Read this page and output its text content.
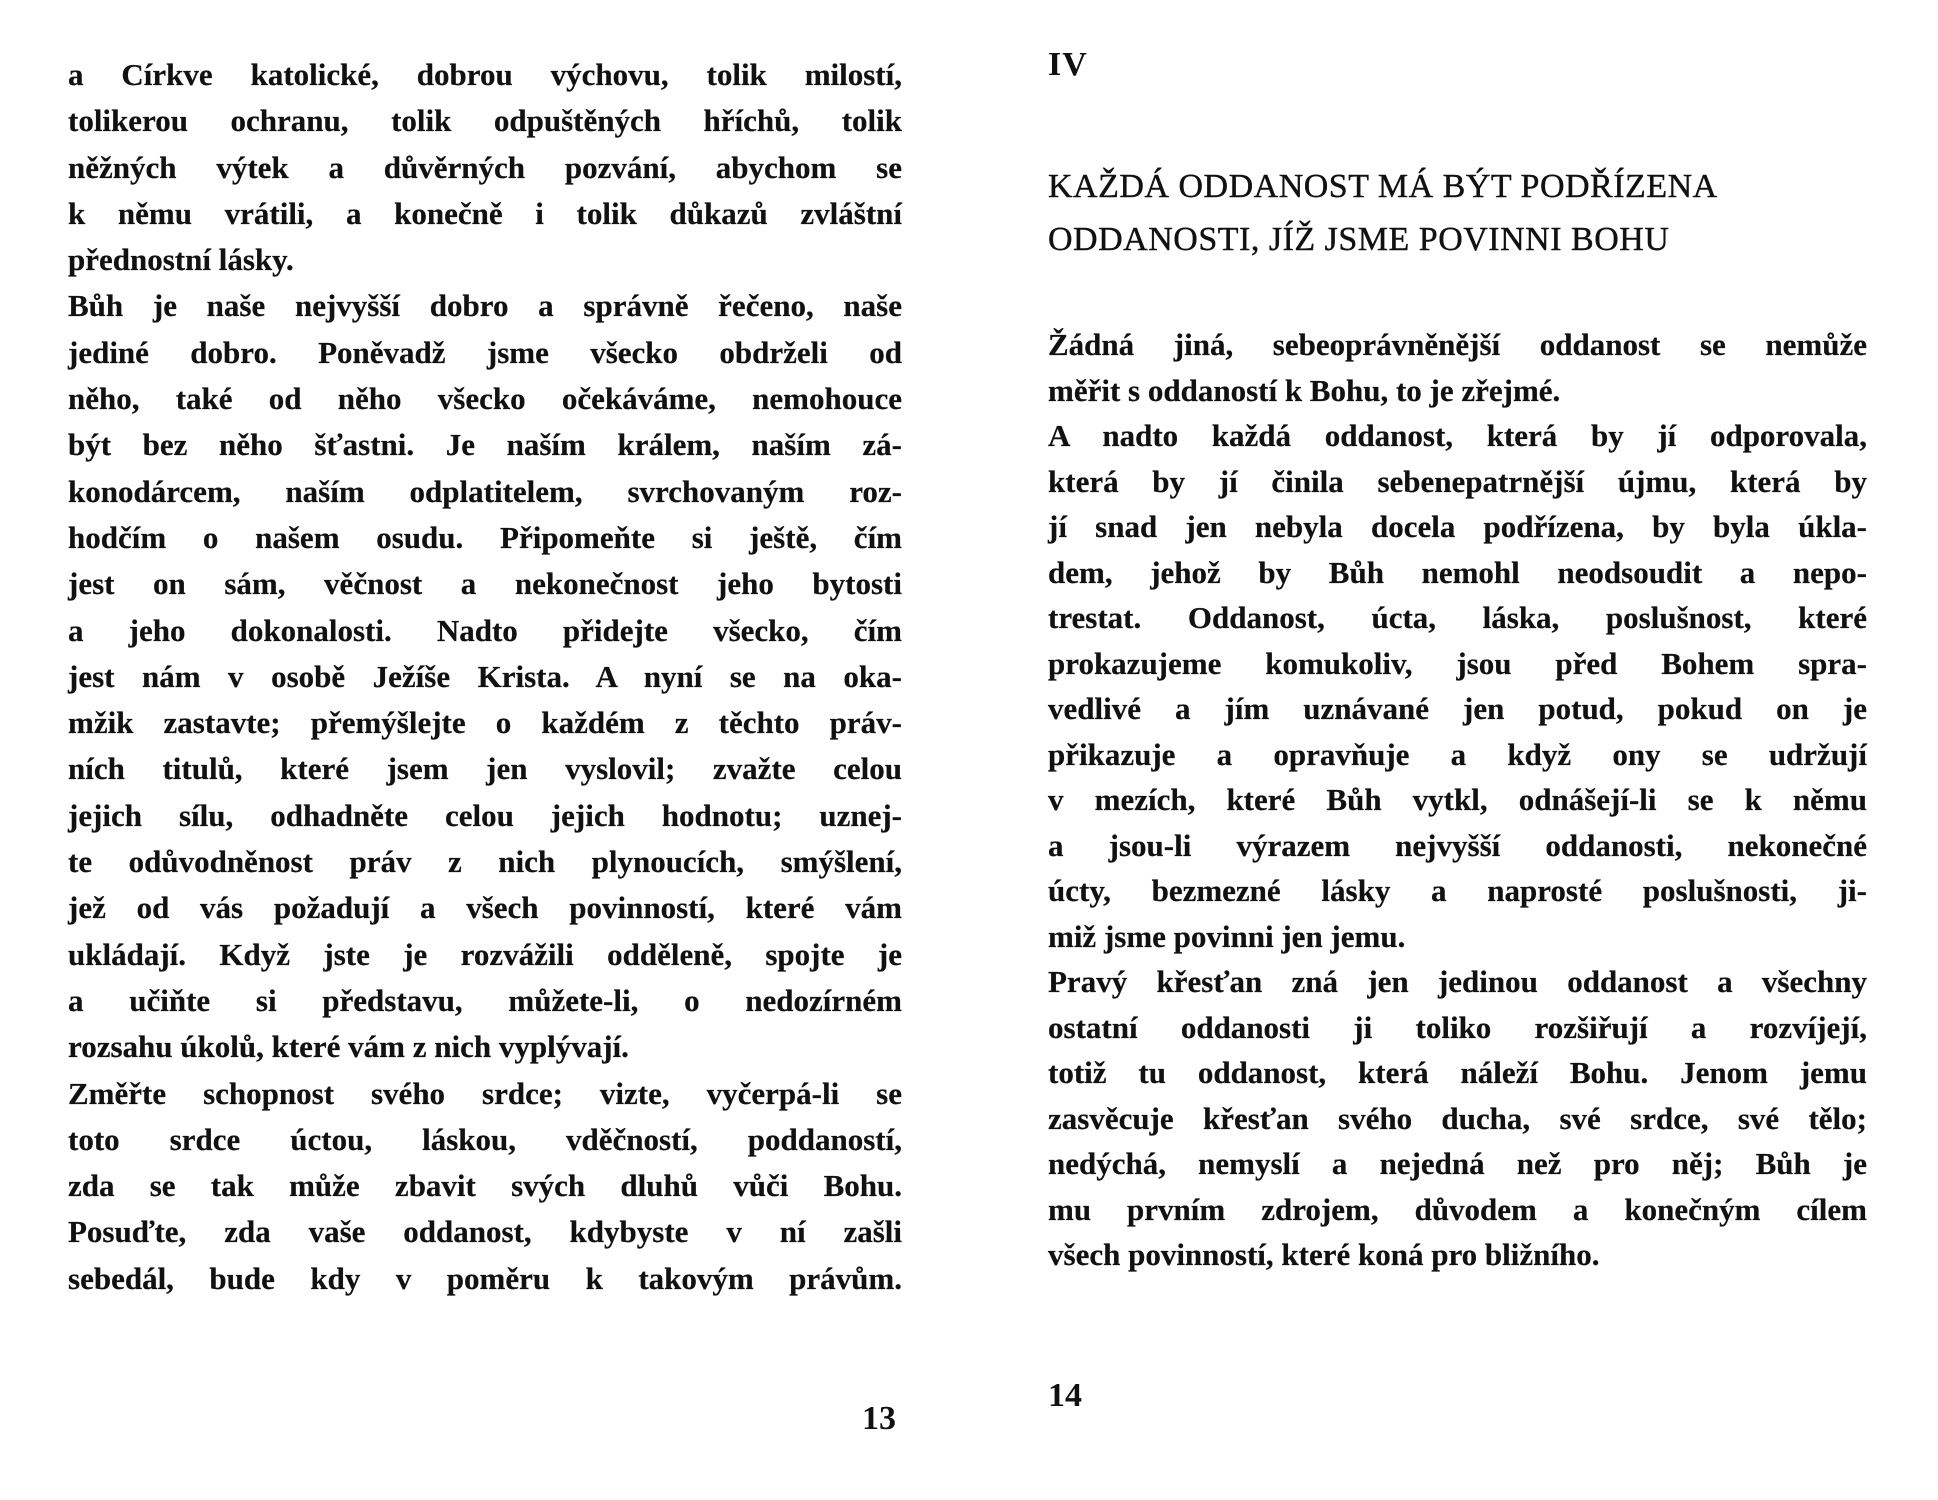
a Církve katolické, dobrou výchovu, tolik milostí,
tolikerou ochranu, tolik odpuštěných hříchů, tolik
něžných výtek a důvěrných pozvání, abychom se
k němu vrátili, a konečně i tolik důkazů zvláštní
přednostní lásky.
Bůh je naše nejvyšší dobro a správně řečeno, naše
jediné dobro. Poněvadž jsme všecko obdrželi od
něho, také od něho všecko očekáváme, nemohouce
být bez něho šťastni. Je naším králem, naším zá-
konodárcem, naším odplatitelem, svrchovaným roz-
hodčím o našem osudu. Připomeňte si ještě, čím
jest on sám, věčnost a nekonečnost jeho bytosti
a jeho dokonalosti. Nadto přidejte všecko, čím
jest nám v osobě Ježíše Krista. A nyní se na oka-
mžik zastavte; přemýšlejte o každém z těchto práv-
ních titulů, které jsem jen vyslovil; zvažte celou
jejich sílu, odhadněte celou jejich hodnotu; uznej-
te odůvodněnost práv z nich plynoucích, smýšlení,
jež od vás požadují a všech povinností, které vám
ukládají. Když jste je rozvážili odděleně, spojte je
a učiňte si představu, můžete-li, o nedozírném
rozsahu úkolů, které vám z nich vyplývají.
Změřte schopnost svého srdce; vizte, vyčerpá-li se
toto srdce úctou, láskou, vděčností, poddaností,
zda se tak může zbavit svých dluhů vůči Bohu.
Posuďte, zda vaše oddanost, kdybyste v ní zašli
sebedál, bude kdy v poměru k takovým právům.
13
IV
KAŽDÁ ODDANOST MÁ BÝT PODŘÍZENA
ODDANOSTI, JÍŽ JSME POVINNI BOHU
Žádná jiná, sebeoprávněnější oddanost se nemůže
měřit s oddaností k Bohu, to je zřejmé.
A nadto každá oddanost, která by jí odporovala,
která by jí činila sebenepatrnější újmu, která by
jí snad jen nebyla docela podřízena, by byla úkla-
dem, jehož by Bůh nemohl neodsoudit a nepo-
trestat. Oddanost, úcta, láska, poslušnost, které
prokazujeme komukoliv, jsou před Bohem spra-
vedlivé a jím uznávané jen potud, pokud on je
přikazuje a opravňuje a když ony se udržují
v mezích, které Bůh vytkl, odnášejí-li se k němu
a jsou-li výrazem nejvyšší oddanosti, nekonečné
úcty, bezmezné lásky a naprosté poslušnosti, ji-
miž jsme povinni jen jemu.
Pravý křesťan zná jen jedinou oddanost a všechny
ostatní oddanosti ji toliko rozšiřují a rozvíjejí,
totiž tu oddanost, která náleží Bohu. Jenom jemu
zasvěcuje křesťan svého ducha, své srdce, své tělo;
nedýchá, nemyslí a nejedná než pro něj; Bůh je
mu prvním zdrojem, důvodem a konečným cílem
všech povinností, které koná pro bližního.
14
